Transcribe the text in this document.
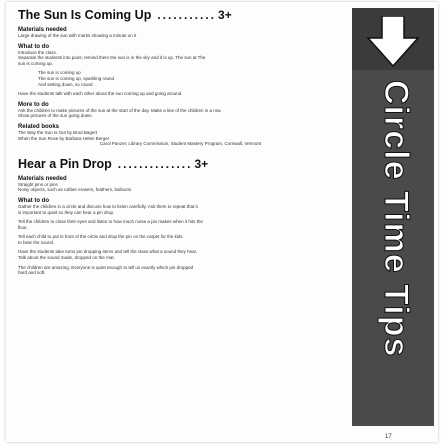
The Sun Is Coming Up ........... 3+
Materials needed
Large drawing of the sun with marks showing a minute on it
What to do
Introduce the class.
Separate the students into pairs; remind them the sun is in the sky and it is up. The sun at The
sun is coming up.
The sun is coming up
The sun is coming up, sparkling round
And setting down, so round
Have the students talk with each other about the sun coming up and going around.
More to do
Ask the children to make pictures of the sun at the start of the day. Make a line of the children in a row.
Show pictures of the sun going down.
Related books
The Way the Sun Is Out by Brod Bagert
When the Sun Rose by Barbara Helen Berger
Carol Panzer, Library Commission, Student Mastery Program, Cornwall, Vermont
Hear a Pin Drop .............. 3+
Materials needed
Straight pins or pins
Noisy objects, such as rubber erasers, feathers, balloons
What to do
Gather the children in a circle and discuss how to listen carefully. Ask them to repeat that it
is important to quiet so they can hear a pin drop.
Tell the children to close their eyes and listen to how much noise a pin makes when it hits the
floor.
Tell each child to put in front of the circle and drop the pin on the carpet for the kids
to hear the sound.
Have the students take turns pin dropping items and tell the class what a sound they hear.
Talk about the sound made, dropped on the mat.
The children are amazing. Everyone is quiet enough to tell us exactly which pin dropped
hard and soft.	Circle Time Tips
17
